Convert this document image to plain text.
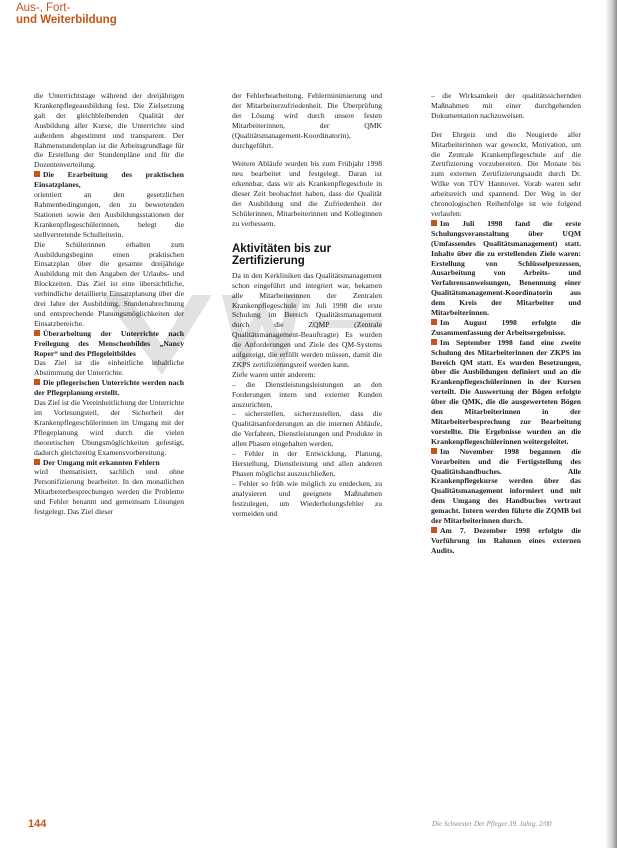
Aus-, Fort-
und Weiterbildung

die Unterrichtstage während der dreijährigen Krankenpflegeausbildung fest. Die Zielsetzung galt der gleichbleibenden Qualität der Ausbildung aller Kurse, die Unterrichte sind außerdem abgestimmt und transparent. Der Rahmenstundenplan ist die Arbeitsgrundlage für die Erstellung der Stundenpläne und für die Dozentenverteilung.

Die Erarbeitung des praktischen Einsatzplanes,

orientiert an den gesetzlichen Rahmenbedingungen, den zu bewertenden Stationen sowie den Ausbildungsstationen der Krankenpflegeschülerinnen, belegt die stellvertretende Schulleiterin.

Die Schülerinnen erhalten zum Ausbildungsbeginn einen praktischen Einsatzplan über die gesamte dreijährige Ausbildung mit den Angaben der Urlaubs- und Blockzeiten. Das Ziel ist eine übersichtliche, verbindliche detaillierte Einsatzplanung über die drei Jahre der Ausbildung, Stundenabrechnung und entsprechende Planungsmöglichkeiten der Einsatzbereiche.

Überarbeitung der Unterrichte nach Freilegung des Menschenbildes „Nancy Roper“ und des Pflegeleitbildes

Das Ziel ist die einheitliche inhaltliche Abstimmung der Unterrichte.

Die pflegerischen Unterrichte werden nach der Pflegeplanung erstellt.

Das Ziel ist die Vereinheitlichung der Unterrichte im Vorlesungsteil, der Sicherheit der Krankenpflegeschülerinnen im Umgang mit der Pflegeplanung wird durch die vielen theoretischen Übungsmöglichkeiten gefestigt, dadurch gleichzeitig Examensvorbereitung.

Der Umgang mit erkannten Fehlern

wird thematisiert, sachlich und ohne Personifizierung bearbeitet. In den monatlichen Mitarbeiterbesprechungen werden die Probleme und Fehler benannt und gemeinsam Lösungen festgelegt. Das Ziel dieser

der Fehlerbearbeitung, Fehlerminimierung und der Mitarbeiterzufriedenheit. Die Überprüfung der Lösung wird durch unsere festen Mitarbeiterinnen, der QMK (Qualitätsmanagement-Koordinatorin), durchgeführt.

Weitere Abläufe wurden bis zum Frühjahr 1998 neu bearbeitet und festgelegt. Daran ist erkennbar, dass wir als Krankenpflegeschule in dieser Zeit beobachtet haben, dass die Qualität der Ausbildung und die Zufriedenheit der Schülerinnen, Mitarbeiterinnen und Kolleginnen zu verbessern.

Aktivitäten bis zur Zertifizierung

Da in den Kerkliniken das Qualitätsmanagement schon eingeführt und integriert war, bekamen alle Mitarbeiterinnen der Zentralen Krankenpflegeschule im Juli 1998 die erste Schulung im Bereich Qualitätsmanagement durch die ZQMP (Zentrale Qualitätsmanagement-Beauftragte) Es wurden die Anforderungen und Ziele des QM-Systems aufgezeigt, die erfüllt werden müssen, damit die ZKPS zertifizierungsreif werden kann.

Ziele waren unter anderem:

– die Dienstleistungsleistungen an den Forderungen intern und externer Kunden auszurichten,
– sicherstellen, sicherzustellen, dass die Qualitätsanforderungen an die internen Abläufe, die Verfahren, Dienstleistungen und Produkte in allen Phasen eingehalten werden,
– Fehler in der Entwicklung, Planung, Herstellung, Dienstleistung und allen anderen Phasen möglichst auszuschließen,
– Fehler so früh wie möglich zu entdecken, zu analysieren und geeignete Maßnahmen festzulegen, um Wiederholungsfehler zu vermeiden und
– die Wirksamkeit der qualitätssichernden Maßnahmen mit einer durchgehenden Dokumentation nachzuweisen.

Der Ehrgeiz und die Neugierde aller Mitarbeiterinnen war geweckt, Motivation, um die Zentrale Krankenpflegeschule auf die Zertifizierung vorzubereiten. Die Monate bis zum externen Zertifizierungsaudit durch Dr. Wilke von TÜV Hannover. Vorab waren sehr arbeitsreich und spannend. Der Weg in der chronologischen Reihenfolge ist wie folgend verlaufen:

Im Juli 1998 fand die erste Schulungsveranstaltung über UQM (Umfassendes Qualitätsmanagement) statt. Inhalte über die zu erstellenden Ziele waren: Erstellung von Schlüsselprozessen, Ausarbeitung von Arbeits- und Verfahrensanweisungen, Benennung einer Qualitätsmanagement-Koordinatorin aus dem Kreis der Mitarbeiter und Mitarbeiterinnen.

Im August 1998 erfolgte die Zusammenfassung der Arbeitsergebnisse.

Im September 1998 fand eine zweite Schulung des Mitarbeiterinnen der ZKPS im Bereich QM statt. Es wurden Besetzungen, über die Ausbildungen definiert und an die Krankenpflegeschülerinnen in der Kursen verteilt. Die Auswertung der Bögen erfolgte über die QMK, die die ausgewerteten Bögen den Mitarbeiterinnen in der Mitarbeiterbesprechung zur Bearbeitung vorstellte. Die Ergebnisse wurden an die Krankenpflegeschülerinnen weitergeleitet.

Im November 1998 begannen die Vorarbeiten und die Fertigstellung des Qualitätshandbuches. Alle Krankenpflegekurse werden über das Qualitätsmanagement informiert und mit dem Umgang des Handbuches vertraut gemacht. Intern werden führte die ZQMB bei der Mitarbeiterinnen durch.

Am 7. Dezember 1998 erfolgte die Vorführung im Rahmen eines externen Audits.

144	Die Schwester Der Pfleger 39. Jahrg. 2/00
